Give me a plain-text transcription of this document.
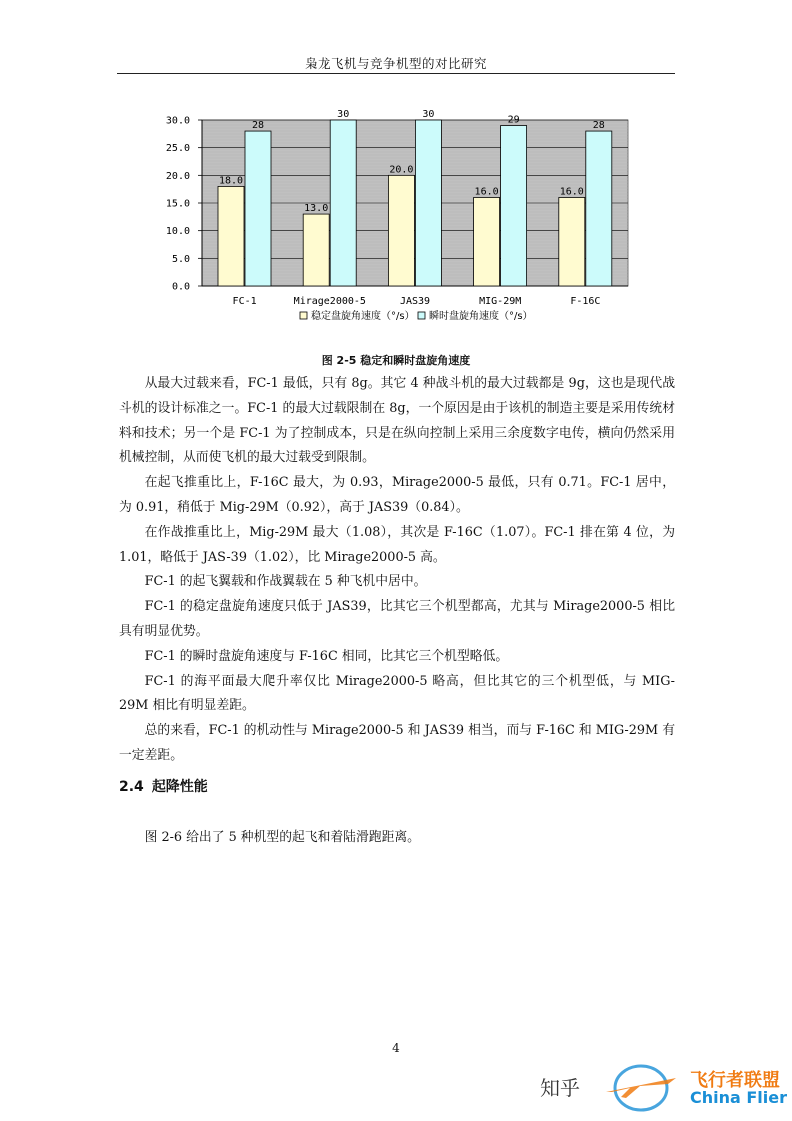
枭龙飞机与竞争机型的对比研究
0.0
5.0
10.0
15.0
20.0
25.0
30.0
FC-1
18.0
28
Mirage2000-5
13.0
30
JAS39
20.0
30
MIG-29M
16.0
29
F-16C
16.0
28
稳定盘旋角速度（°/s） 瞬时盘旋角速度（°/s）
图 2-5 稳定和瞬时盘旋角速度

从最大过载来看，FC-1 最低，只有 8g。其它 4 种战斗机的最大过载都是 9g，这也是现代战斗机的设计标准之一。FC-1 的最大过载限制在 8g，一个原因是由于该机的制造主要是采用传统材料和技术；另一个是 FC-1 为了控制成本，只是在纵向控制上采用三余度数字电传，横向仍然采用机械控制，从而使飞机的最大过载受到限制。

在起飞推重比上，F-16C 最大，为 0.93，Mirage2000-5 最低，只有 0.71。FC-1 居中，为 0.91，稍低于 Mig-29M（0.92），高于 JAS39（0.84）。

在作战推重比上，Mig-29M 最大（1.08），其次是 F-16C（1.07）。FC-1 排在第 4 位，为 1.01，略低于 JAS-39（1.02），比 Mirage2000-5 高。

FC-1 的起飞翼载和作战翼载在 5 种飞机中居中。

FC-1 的稳定盘旋角速度只低于 JAS39，比其它三个机型都高，尤其与 Mirage2000-5 相比具有明显优势。

FC-1 的瞬时盘旋角速度与 F-16C 相同，比其它三个机型略低。

FC-1 的海平面最大爬升率仅比 Mirage2000-5 略高，但比其它的三个机型低，与 MIG-29M 相比有明显差距。

总的来看，FC-1 的机动性与 Mirage2000-5 和 JAS39 相当，而与 F-16C 和 MIG-29M 有一定差距。

2.4 起降性能

图 2-6 给出了 5 种机型的起飞和着陆滑跑距离。

4
知乎	飞行者联盟
China Flier
